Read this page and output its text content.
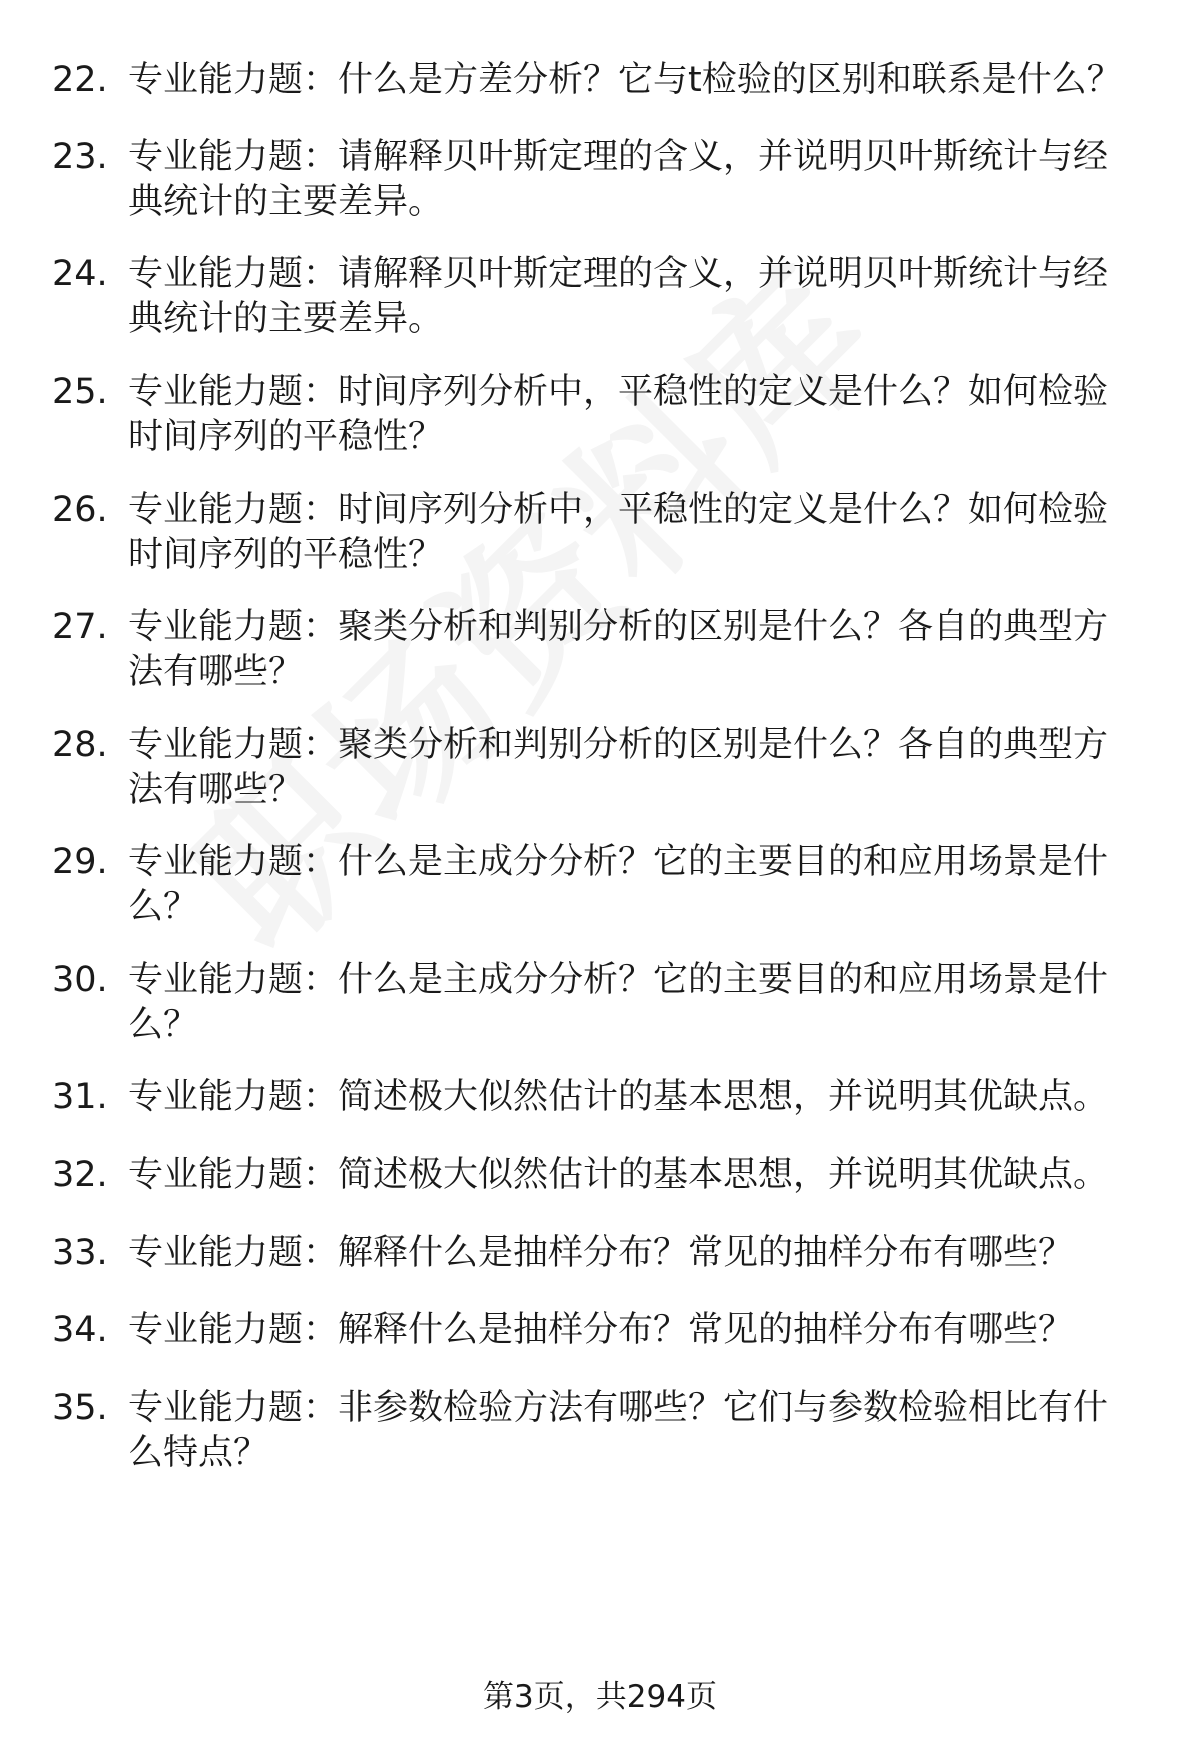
22. 专业能力题：什么是方差分析？它与t检验的区别和联系是什么？
23. 专业能力题：请解释贝叶斯定理的含义，并说明贝叶斯统计与经典统计的主要差异。
24. 专业能力题：请解释贝叶斯定理的含义，并说明贝叶斯统计与经典统计的主要差异。
25. 专业能力题：时间序列分析中，平稳性的定义是什么？如何检验时间序列的平稳性？
26. 专业能力题：时间序列分析中，平稳性的定义是什么？如何检验时间序列的平稳性？
27. 专业能力题：聚类分析和判别分析的区别是什么？各自的典型方法有哪些？
28. 专业能力题：聚类分析和判别分析的区别是什么？各自的典型方法有哪些？
29. 专业能力题：什么是主成分分析？它的主要目的和应用场景是什么？
30. 专业能力题：什么是主成分分析？它的主要目的和应用场景是什么？
31. 专业能力题：简述极大似然估计的基本思想，并说明其优缺点。
32. 专业能力题：简述极大似然估计的基本思想，并说明其优缺点。
33. 专业能力题：解释什么是抽样分布？常见的抽样分布有哪些？
34. 专业能力题：解释什么是抽样分布？常见的抽样分布有哪些？
35. 专业能力题：非参数检验方法有哪些？它们与参数检验相比有什么特点？
第3页，共294页
